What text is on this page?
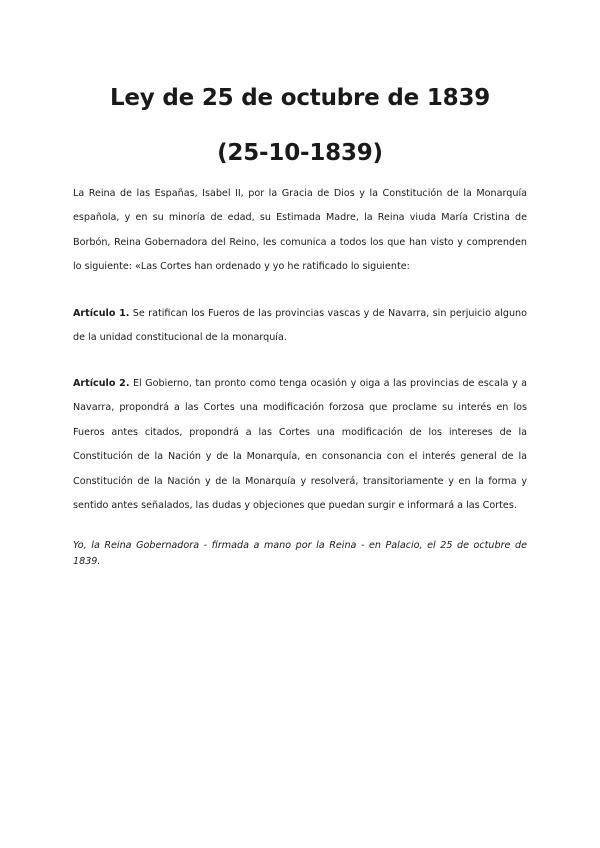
Ley de 25 de octubre de 1839
(25-10-1839)

La Reina de las Españas, Isabel II, por la Gracia de Dios y la Constitución de la Monarquía española, y en su minoría de edad, su Estimada Madre, la Reina viuda María Cristina de Borbón, Reina Gobernadora del Reino, les comunica a todos los que han visto y comprenden lo siguiente: «Las Cortes han ordenado y yo he ratificado lo siguiente:

Artículo 1. Se ratifican los Fueros de las provincias vascas y de Navarra, sin perjuicio alguno de la unidad constitucional de la monarquía.

Artículo 2. El Gobierno, tan pronto como tenga ocasión y oiga a las provincias de escala y a Navarra, propondrá a las Cortes una modificación forzosa que proclame su interés en los Fueros antes citados, propondrá a las Cortes una modificación de los intereses de la Constitución de la Nación y de la Monarquía, en consonancia con el interés general de la Constitución de la Nación y de la Monarquía y resolverá, transitoriamente y en la forma y sentido antes señalados, las dudas y objeciones que puedan surgir e informará a las Cortes.

Yo, la Reina Gobernadora - firmada a mano por la Reina - en Palacio, el 25 de octubre de 1839.
